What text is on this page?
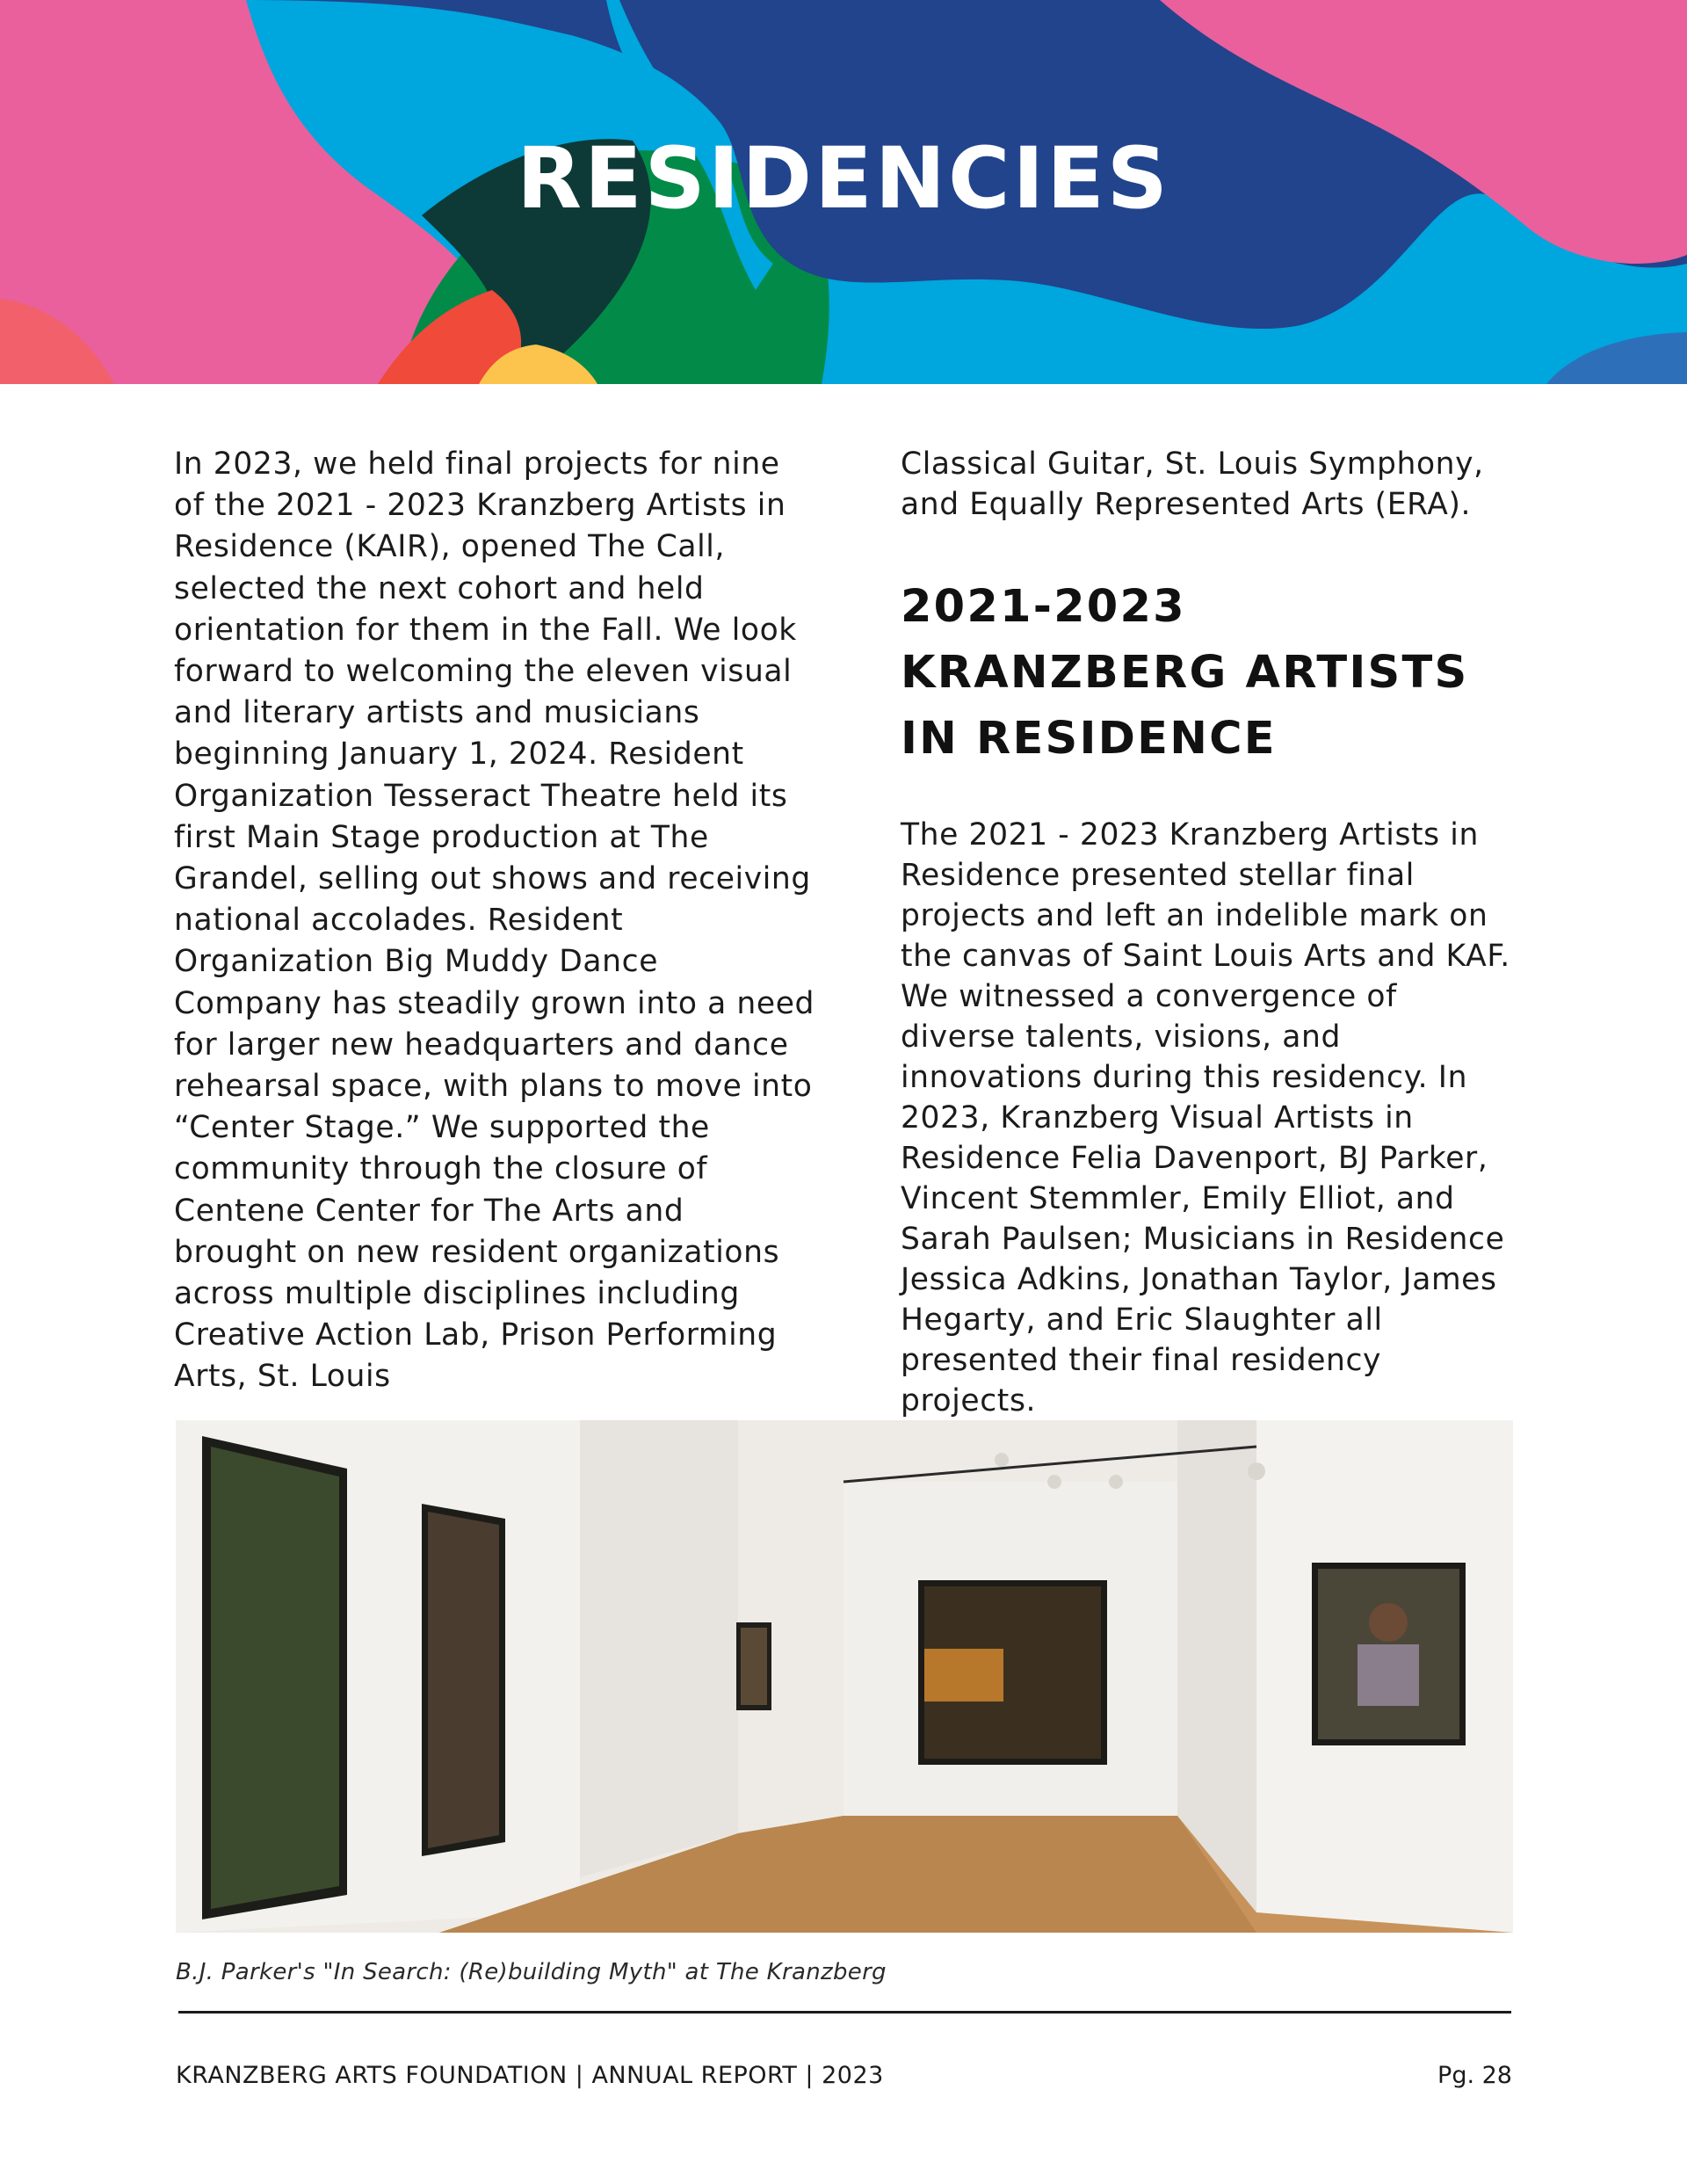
RESIDENCIES
In 2023, we held final projects for nine of the 2021 - 2023 Kranzberg Artists in Residence (KAIR), opened The Call, selected the next cohort and held orientation for them in the Fall. We look forward to welcoming the eleven visual and literary artists and musicians beginning January 1, 2024. Resident Organization Tesseract Theatre held its first Main Stage production at The Grandel, selling out shows and receiving national accolades. Resident Organization Big Muddy Dance Company has steadily grown into a need for larger new headquarters and dance rehearsal space, with plans to move into “Center Stage.” We supported the community through the closure of Centene Center for The Arts and brought on new resident organizations across multiple disciplines including Creative Action Lab, Prison Performing Arts, St. Louis

Classical Guitar, St. Louis Symphony, and Equally Represented Arts (ERA).

2021-2023 KRANZBERG ARTISTS IN RESIDENCE

The 2021 - 2023 Kranzberg Artists in Residence presented stellar final projects and left an indelible mark on the canvas of Saint Louis Arts and KAF. We witnessed a convergence of diverse talents, visions, and innovations during this residency. In 2023, Kranzberg Visual Artists in Residence Felia Davenport, BJ Parker, Vincent Stemmler, Emily Elliot, and Sarah Paulsen; Musicians in Residence Jessica Adkins, Jonathan Taylor, James Hegarty, and Eric Slaughter all presented their final residency projects.

B.J. Parker's "In Search: (Re)building Myth" at The Kranzberg
KRANZBERG ARTS FOUNDATION | ANNUAL REPORT | 2023	Pg. 28
